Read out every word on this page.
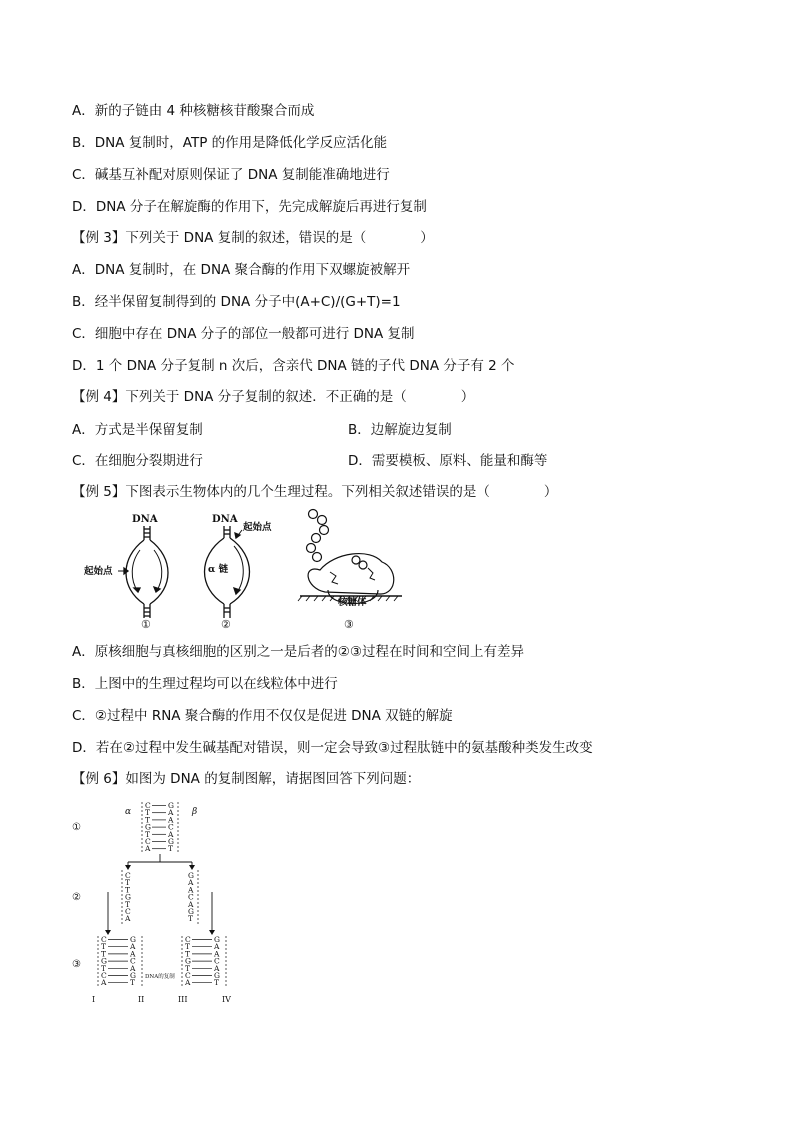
A．新的子链由 4 种核糖核苷酸聚合而成
B．DNA 复制时，ATP 的作用是降低化学反应活化能
C．碱基互补配对原则保证了 DNA 复制能准确地进行
D．DNA 分子在解旋酶的作用下，先完成解旋后再进行复制
【例 3】下列关于 DNA 复制的叙述，错误的是（　　　　）
A．DNA 复制时，在 DNA 聚合酶的作用下双螺旋被解开
B．经半保留复制得到的 DNA 分子中(A+C)/(G+T)=1
C．细胞中存在 DNA 分子的部位一般都可进行 DNA 复制
D．1 个 DNA 分子复制 n 次后，含亲代 DNA 链的子代 DNA 分子有 2 个
【例 4】下列关于 DNA 分子复制的叙述．不正确的是（　　　　）
A．方式是半保留复制	B．边解旋边复制
C．在细胞分裂期进行	D．需要模板、原料、能量和酶等
【例 5】下图表示生物体内的几个生理过程。下列相关叙述错误的是（　　　　）
DNA
起始点
①
DNA
起始点
α 链
②
核糖体
③
A．原核细胞与真核细胞的区别之一是后者的②③过程在时间和空间上有差异
B．上图中的生理过程均可以在线粒体中进行
C．②过程中 RNA 聚合酶的作用不仅仅是促进 DNA 双链的解旋
D．若在②过程中发生碱基配对错误，则一定会导致③过程肽链中的氨基酸种类发生改变
【例 6】如图为 DNA 的复制图解，请据图回答下列问题：
α	β
①
②
③
C G
T A
T A
G C
T A
C G
A T
C	G
T	A
T	A
G	C
T	A
C	G
A	T
C	G	C	G
T	A	T	A
T	A	T	A
G	C	G	C
T	A	T	A
C	G	C	G
A	T	A	T
DNA的复制
I	II	III	IV
